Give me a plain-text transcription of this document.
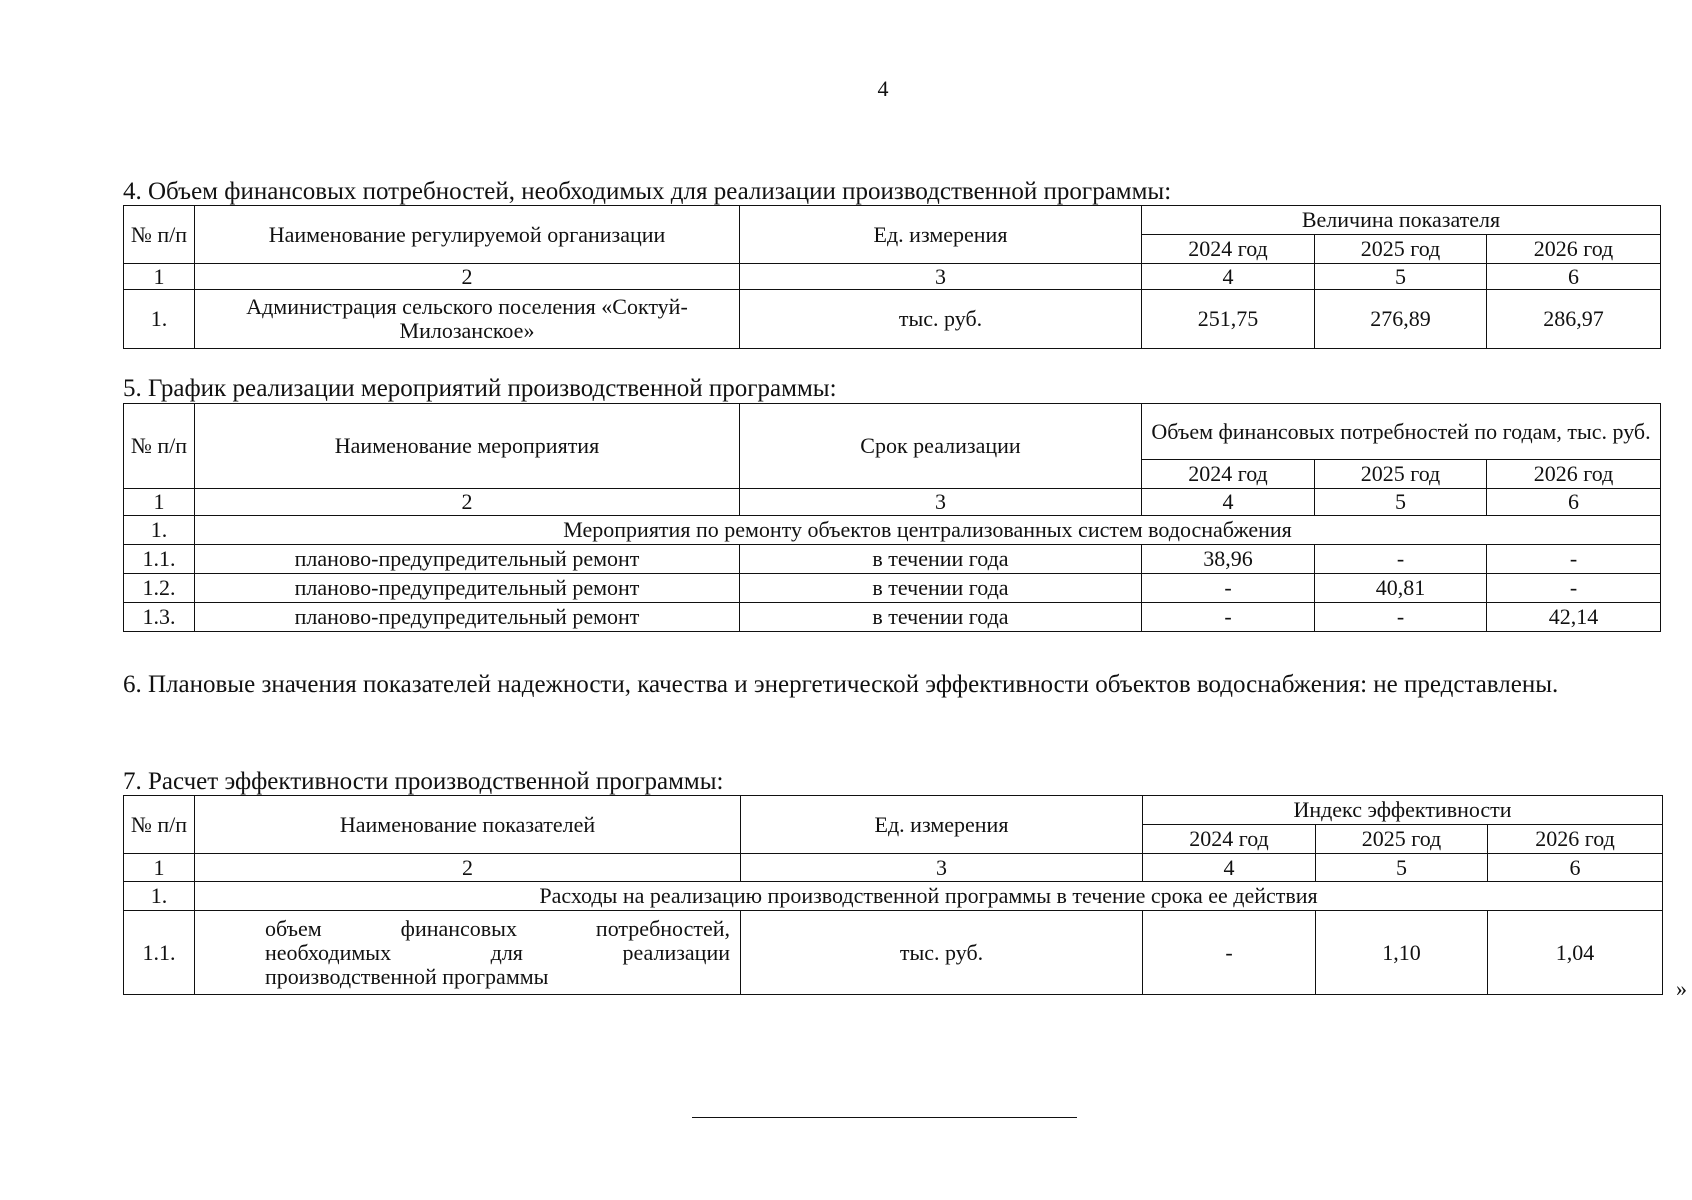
4
4. Объем финансовых потребностей, необходимых для реализации производственной программы:
№ п/п	Наименование регулируемой организации	Ед. измерения	Величина показателя		
			2024 год	2025 год	2026 год
1	2	3	4	5	6
1.	Администрация сельского поселения «Соктуй-Милозанское»	тыс. руб.	251,75	276,89	286,97
5. График реализации мероприятий производственной программы:
№ п/п	Наименование мероприятия	Срок реализации	Объем финансовых потребностей по годам, тыс. руб.		
			2024 год	2025 год	2026 год
1	2	3	4	5	6
1.	Мероприятия по ремонту объектов централизованных систем водоснабжения				
1.1.	планово-предупредительный ремонт	в течении года	38,96	-	-
1.2.	планово-предупредительный ремонт	в течении года	-	40,81	-
1.3.	планово-предупредительный ремонт	в течении года	-	-	42,14

6. Плановые значения показателей надежности, качества и энергетической эффективности объектов водоснабжения: не представлены.

7. Расчет эффективности производственной программы:
№ п/п	Наименование показателей	Ед. измерения	Индекс эффективности		
			2024 год	2025 год	2026 год
1	2	3	4	5	6
1.	Расходы на реализацию производственной программы в течение срока ее действия				
1.1.	объем финансовых потребностей,
необходимых для реализации
производственной программы	тыс. руб.	-	1,10	1,04
»
